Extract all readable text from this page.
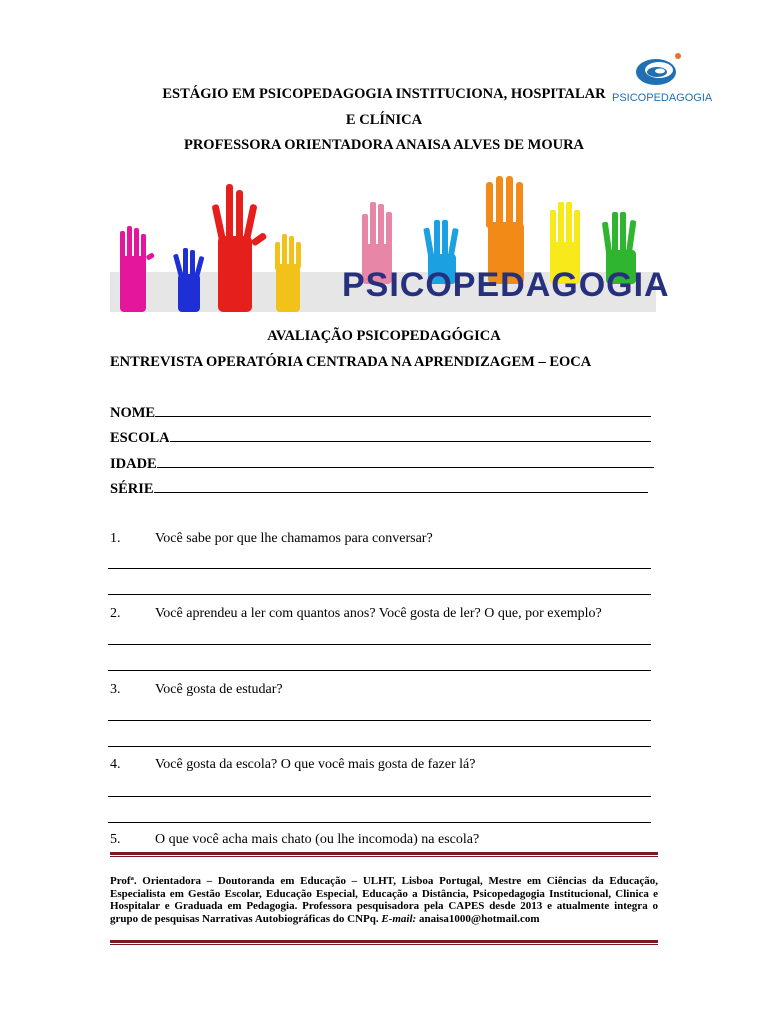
ESTÁGIO EM PSICOPEDAGOGIA INSTITUCIONA, HOSPITALAR
E CLÍNICA
PROFESSORA ORIENTADORA ANAISA ALVES DE MOURA
PSICOPEDAGOGIA
PSICOPEDAGOGIA
AVALIAÇÃO PSICOPEDAGÓGICA
ENTREVISTA OPERATÓRIA CENTRADA NA APRENDIZAGEM – EOCA
NOME
ESCOLA
IDADE
SÉRIE
1. Você sabe por que lhe chamamos para conversar?
2. Você aprendeu a ler com quantos anos? Você gosta de ler? O que, por exemplo?
3. Você gosta de estudar?
4. Você gosta da escola? O que você mais gosta de fazer lá?
5. O que você acha mais chato (ou lhe incomoda) na escola?
Profª. Orientadora – Doutoranda em Educação – ULHT, Lisboa Portugal, Mestre em Ciências da Educação, Especialista em Gestão Escolar, Educação Especial, Educação a Distância, Psicopedagogia Institucional, Clinica e Hospitalar e Graduada em Pedagogia. Professora pesquisadora pela CAPES desde 2013 e atualmente integra o grupo de pesquisas Narrativas Autobiográficas do CNPq. E-mail: anaisa1000@hotmail.com
